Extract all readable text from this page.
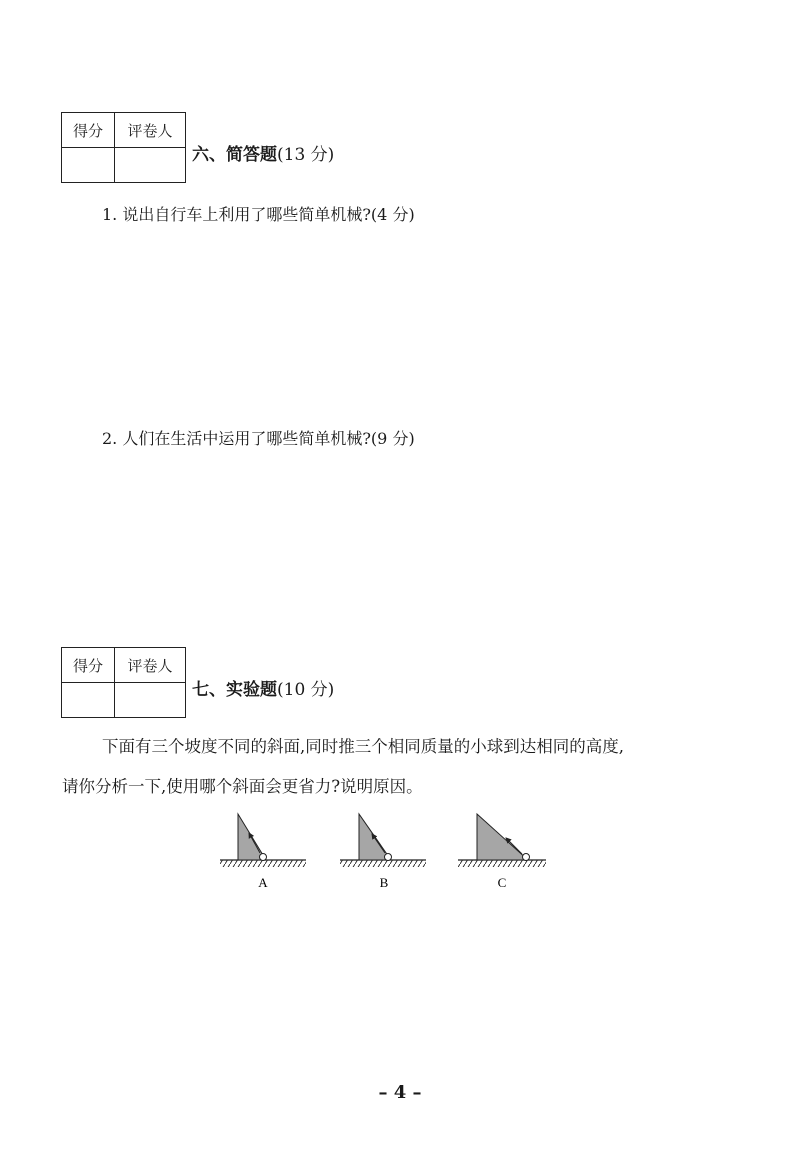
得分	评卷人

六、简答题(13 分)
1. 说出自行车上利用了哪些简单机械?(4 分)
2. 人们在生活中运用了哪些简单机械?(9 分)
得分	评卷人

七、实验题(10 分)
下面有三个坡度不同的斜面,同时推三个相同质量的小球到达相同的高度,
请你分析一下,使用哪个斜面会更省力?说明原因。
A	B	C
– 4 –
